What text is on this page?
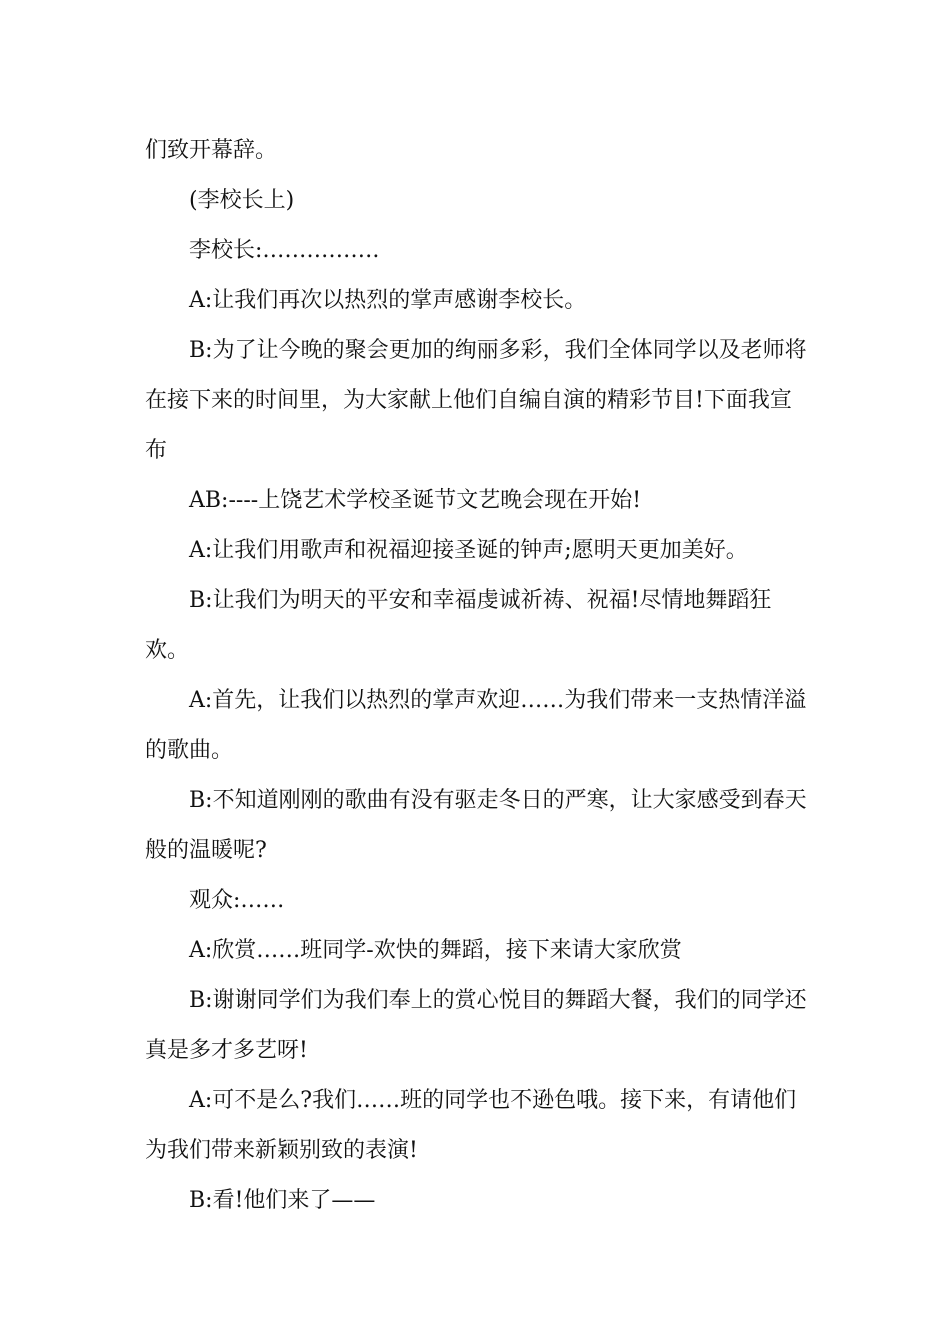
们致开幕辞。

(李校长上)

李校长:…………….

A:让我们再次以热烈的掌声感谢李校长。

B:为了让今晚的聚会更加的绚丽多彩，我们全体同学以及老师将在接下来的时间里，为大家献上他们自编自演的精彩节目!下面我宣布

AB:----上饶艺术学校圣诞节文艺晚会现在开始!

A:让我们用歌声和祝福迎接圣诞的钟声;愿明天更加美好。

B:让我们为明天的平安和幸福虔诚祈祷、祝福!尽情地舞蹈狂欢。

A:首先，让我们以热烈的掌声欢迎……为我们带来一支热情洋溢的歌曲。

B:不知道刚刚的歌曲有没有驱走冬日的严寒，让大家感受到春天般的温暖呢?

观众:……

A:欣赏……班同学-欢快的舞蹈，接下来请大家欣赏

B:谢谢同学们为我们奉上的赏心悦目的舞蹈大餐，我们的同学还真是多才多艺呀!

A:可不是么?我们……班的同学也不逊色哦。接下来，有请他们为我们带来新颖别致的表演!

B:看!他们来了——
